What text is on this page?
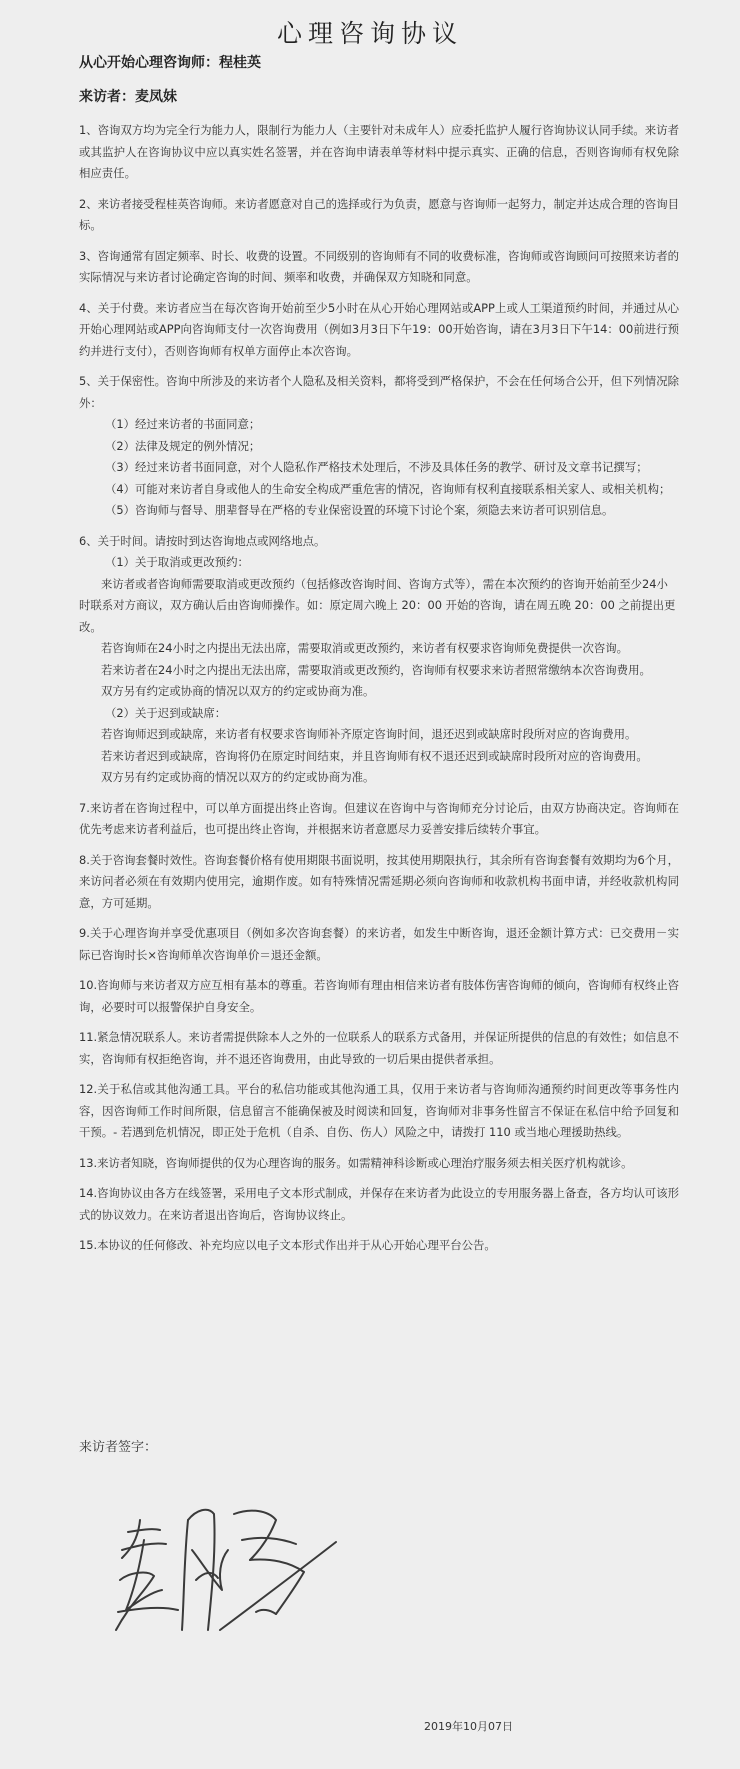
心理咨询协议
从心开始心理咨询师：程桂英
来访者：麦凤妹

1、咨询双方均为完全行为能力人，限制行为能力人（主要针对未成年人）应委托监护人履行咨询协议认同手续。来访者或其监护人在咨询协议中应以真实姓名签署，并在咨询申请表单等材料中提示真实、正确的信息，否则咨询师有权免除相应责任。

2、来访者接受程桂英咨询师。来访者愿意对自己的选择或行为负责，愿意与咨询师一起努力，制定并达成合理的咨询目标。

3、咨询通常有固定频率、时长、收费的设置。不同级别的咨询师有不同的收费标准，咨询师或咨询顾问可按照来访者的实际情况与来访者讨论确定咨询的时间、频率和收费，并确保双方知晓和同意。

4、关于付费。来访者应当在每次咨询开始前至少5小时在从心开始心理网站或APP上或人工渠道预约时间，并通过从心开始心理网站或APP向咨询师支付一次咨询费用（例如3月3日下午19：00开始咨询，请在3月3日下午14：00前进行预约并进行支付），否则咨询师有权单方面停止本次咨询。

5、关于保密性。咨询中所涉及的来访者个人隐私及相关资料，都将受到严格保护，不会在任何场合公开，但下列情况除外：

（1）经过来访者的书面同意；

（2）法律及规定的例外情况；

（3）经过来访者书面同意，对个人隐私作严格技术处理后，不涉及具体任务的教学、研讨及文章书记撰写；

（4）可能对来访者自身或他人的生命安全构成严重危害的情况，咨询师有权利直接联系相关家人、或相关机构；

（5）咨询师与督导、朋辈督导在严格的专业保密设置的环境下讨论个案，须隐去来访者可识别信息。

6、关于时间。请按时到达咨询地点或网络地点。

（1）关于取消或更改预约：

来访者或者咨询师需要取消或更改预约（包括修改咨询时间、咨询方式等），需在本次预约的咨询开始前至少24小时联系对方商议，双方确认后由咨询师操作。如：原定周六晚上 20：00 开始的咨询，请在周五晚 20：00 之前提出更改。

若咨询师在24小时之内提出无法出席，需要取消或更改预约，来访者有权要求咨询师免费提供一次咨询。

若来访者在24小时之内提出无法出席，需要取消或更改预约，咨询师有权要求来访者照常缴纳本次咨询费用。

双方另有约定或协商的情况以双方的约定或协商为准。

（2）关于迟到或缺席：

若咨询师迟到或缺席，来访者有权要求咨询师补齐原定咨询时间，退还迟到或缺席时段所对应的咨询费用。

若来访者迟到或缺席，咨询将仍在原定时间结束，并且咨询师有权不退还迟到或缺席时段所对应的咨询费用。

双方另有约定或协商的情况以双方的约定或协商为准。

7.来访者在咨询过程中，可以单方面提出终止咨询。但建议在咨询中与咨询师充分讨论后，由双方协商决定。咨询师在优先考虑来访者利益后，也可提出终止咨询，并根据来访者意愿尽力妥善安排后续转介事宜。

8.关于咨询套餐时效性。咨询套餐价格有使用期限书面说明，按其使用期限执行，其余所有咨询套餐有效期均为6个月，来访问者必须在有效期内使用完，逾期作废。如有特殊情况需延期必须向咨询师和收款机构书面申请，并经收款机构同意，方可延期。

9.关于心理咨询并享受优惠项目（例如多次咨询套餐）的来访者，如发生中断咨询，退还金额计算方式：已交费用－实际已咨询时长×咨询师单次咨询单价＝退还金额。

10.咨询师与来访者双方应互相有基本的尊重。若咨询师有理由相信来访者有肢体伤害咨询师的倾向，咨询师有权终止咨询，必要时可以报警保护自身安全。

11.紧急情况联系人。来访者需提供除本人之外的一位联系人的联系方式备用，并保证所提供的信息的有效性；如信息不实，咨询师有权拒绝咨询，并不退还咨询费用，由此导致的一切后果由提供者承担。

12.关于私信或其他沟通工具。平台的私信功能或其他沟通工具，仅用于来访者与咨询师沟通预约时间更改等事务性内容，因咨询师工作时间所限，信息留言不能确保被及时阅读和回复，咨询师对非事务性留言不保证在私信中给予回复和干预。- 若遇到危机情况，即正处于危机（自杀、自伤、伤人）风险之中，请拨打 110 或当地心理援助热线。

13.来访者知晓，咨询师提供的仅为心理咨询的服务。如需精神科诊断或心理治疗服务须去相关医疗机构就诊。

14.咨询协议由各方在线签署，采用电子文本形式制成，并保存在来访者为此设立的专用服务器上备查，各方均认可该形式的协议效力。在来访者退出咨询后，咨询协议终止。

15.本协议的任何修改、补充均应以电子文本形式作出并于从心开始心理平台公告。

来访者签字：
2019年10月07日
